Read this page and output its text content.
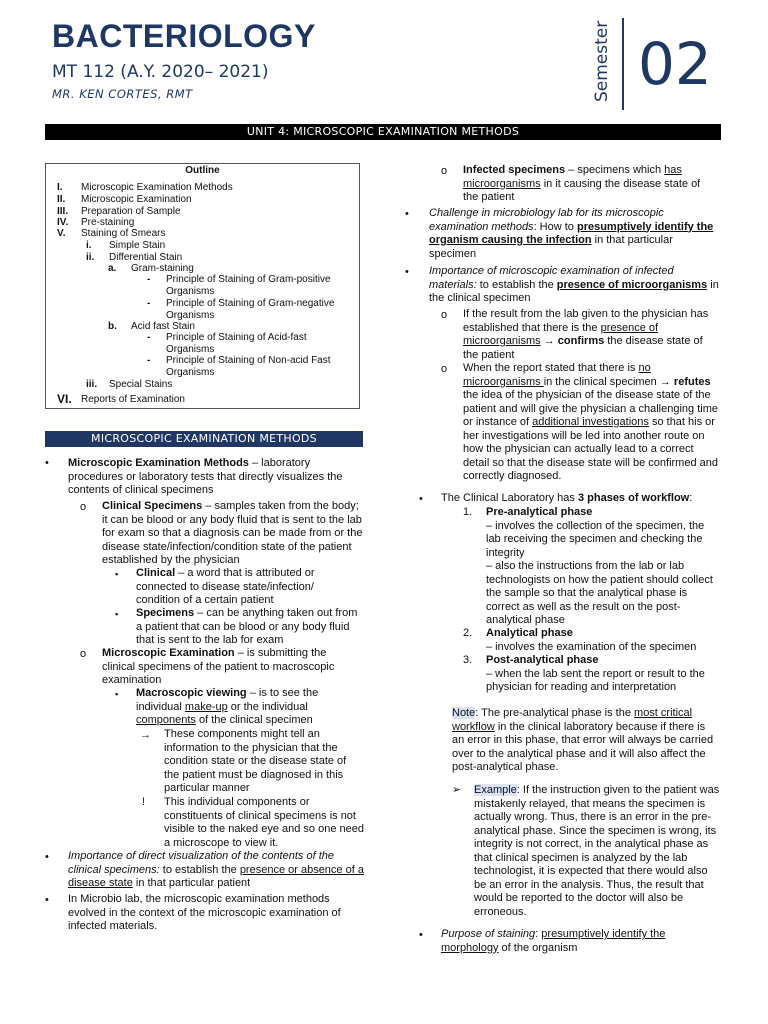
BACTERIOLOGY
MT 112 (A.Y. 2020– 2021)
MR. KEN CORTES, RMT	Semester 02
UNIT 4: MICROSCOPIC EXAMINATION METHODS
Outline
I. Microscopic Examination Methods
II. Microscopic Examination
III. Preparation of Sample
IV. Pre-staining
V. Staining of Smears
i. Simple Stain
ii. Differential Stain
a. Gram-staining
- Principle of Staining of Gram-positive
Organisms
- Principle of Staining of Gram-negative
Organisms
b. Acid fast Stain
- Principle of Staining of Acid-fast
Organisms
- Principle of Staining of Non-acid Fast
Organisms
iii. Special Stains
VI. Reports of Examination
MICROSCOPIC EXAMINATION METHODS
• Microscopic Examination Methods – laboratory procedures or laboratory tests that directly visualizes the contents of clinical specimens
o Clinical Specimens – samples taken from the body; it can be blood or any body fluid that is sent to the lab for exam so that a diagnosis can be made from or the disease state/infection/condition state of the patient established by the physician
▪ Clinical – a word that is attributed or connected to disease state/infection/ condition of a certain patient
▪ Specimens – can be anything taken out from a patient that can be blood or any body fluid that is sent to the lab for exam
o Microscopic Examination – is submitting the clinical specimens of the patient to macroscopic examination
▪ Macroscopic viewing – is to see the individual make-up or the individual components of the clinical specimen
→ These components might tell an information to the physician that the condition state or the disease state of the patient must be diagnosed in this particular manner
! This individual components or constituents of clinical specimens is not visible to the naked eye and so one need a microscope to view it.
• Importance of direct visualization of the contents of the clinical specimens: to establish the presence or absence of a disease state in that particular patient
• In Microbio lab, the microscopic examination methods evolved in the context of the microscopic examination of infected materials.
o Infected specimens – specimens which has microorganisms in it causing the disease state of the patient
• Challenge in microbiology lab for its microscopic examination methods: How to presumptively identify the organism causing the infection in that particular specimen
• Importance of microscopic examination of infected materials: to establish the presence of microorganisms in the clinical specimen
o If the result from the lab given to the physician has established that there is the presence of microorganisms → confirms the disease state of the patient
o When the report stated that there is no microorganisms in the clinical specimen → refutes the idea of the physician of the disease state of the patient and will give the physician a challenging time or instance of additional investigations so that his or her investigations will be led into another route on how the physician can actually lead to a correct detail so that the disease state will be confirmed and correctly diagnosed.
• The Clinical Laboratory has 3 phases of workflow:
1. Pre-analytical phase

– involves the collection of the specimen, the lab receiving the specimen and checking the integrity

– also the instructions from the lab or lab technologists on how the patient should collect the sample so that the analytical phase is correct as well as the result on the post-analytical phase

2. Analytical phase

– involves the examination of the specimen

3. Post-analytical phase

– when the lab sent the report or result to the physician for reading and interpretation

Note: The pre-analytical phase is the most critical workflow in the clinical laboratory because if there is an error in this phase, that error will always be carried over to the analytical phase and it will also affect the post-analytical phase.
➢ Example: If the instruction given to the patient was mistakenly relayed, that means the specimen is actually wrong. Thus, there is an error in the pre-analytical phase. Since the specimen is wrong, its integrity is not correct, in the analytical phase as that clinical specimen is analyzed by the lab technologist, it is expected that there would also be an error in the analysis. Thus, the result that would be reported to the doctor will also be erroneous.
• Purpose of staining: presumptively identify the morphology of the organism
